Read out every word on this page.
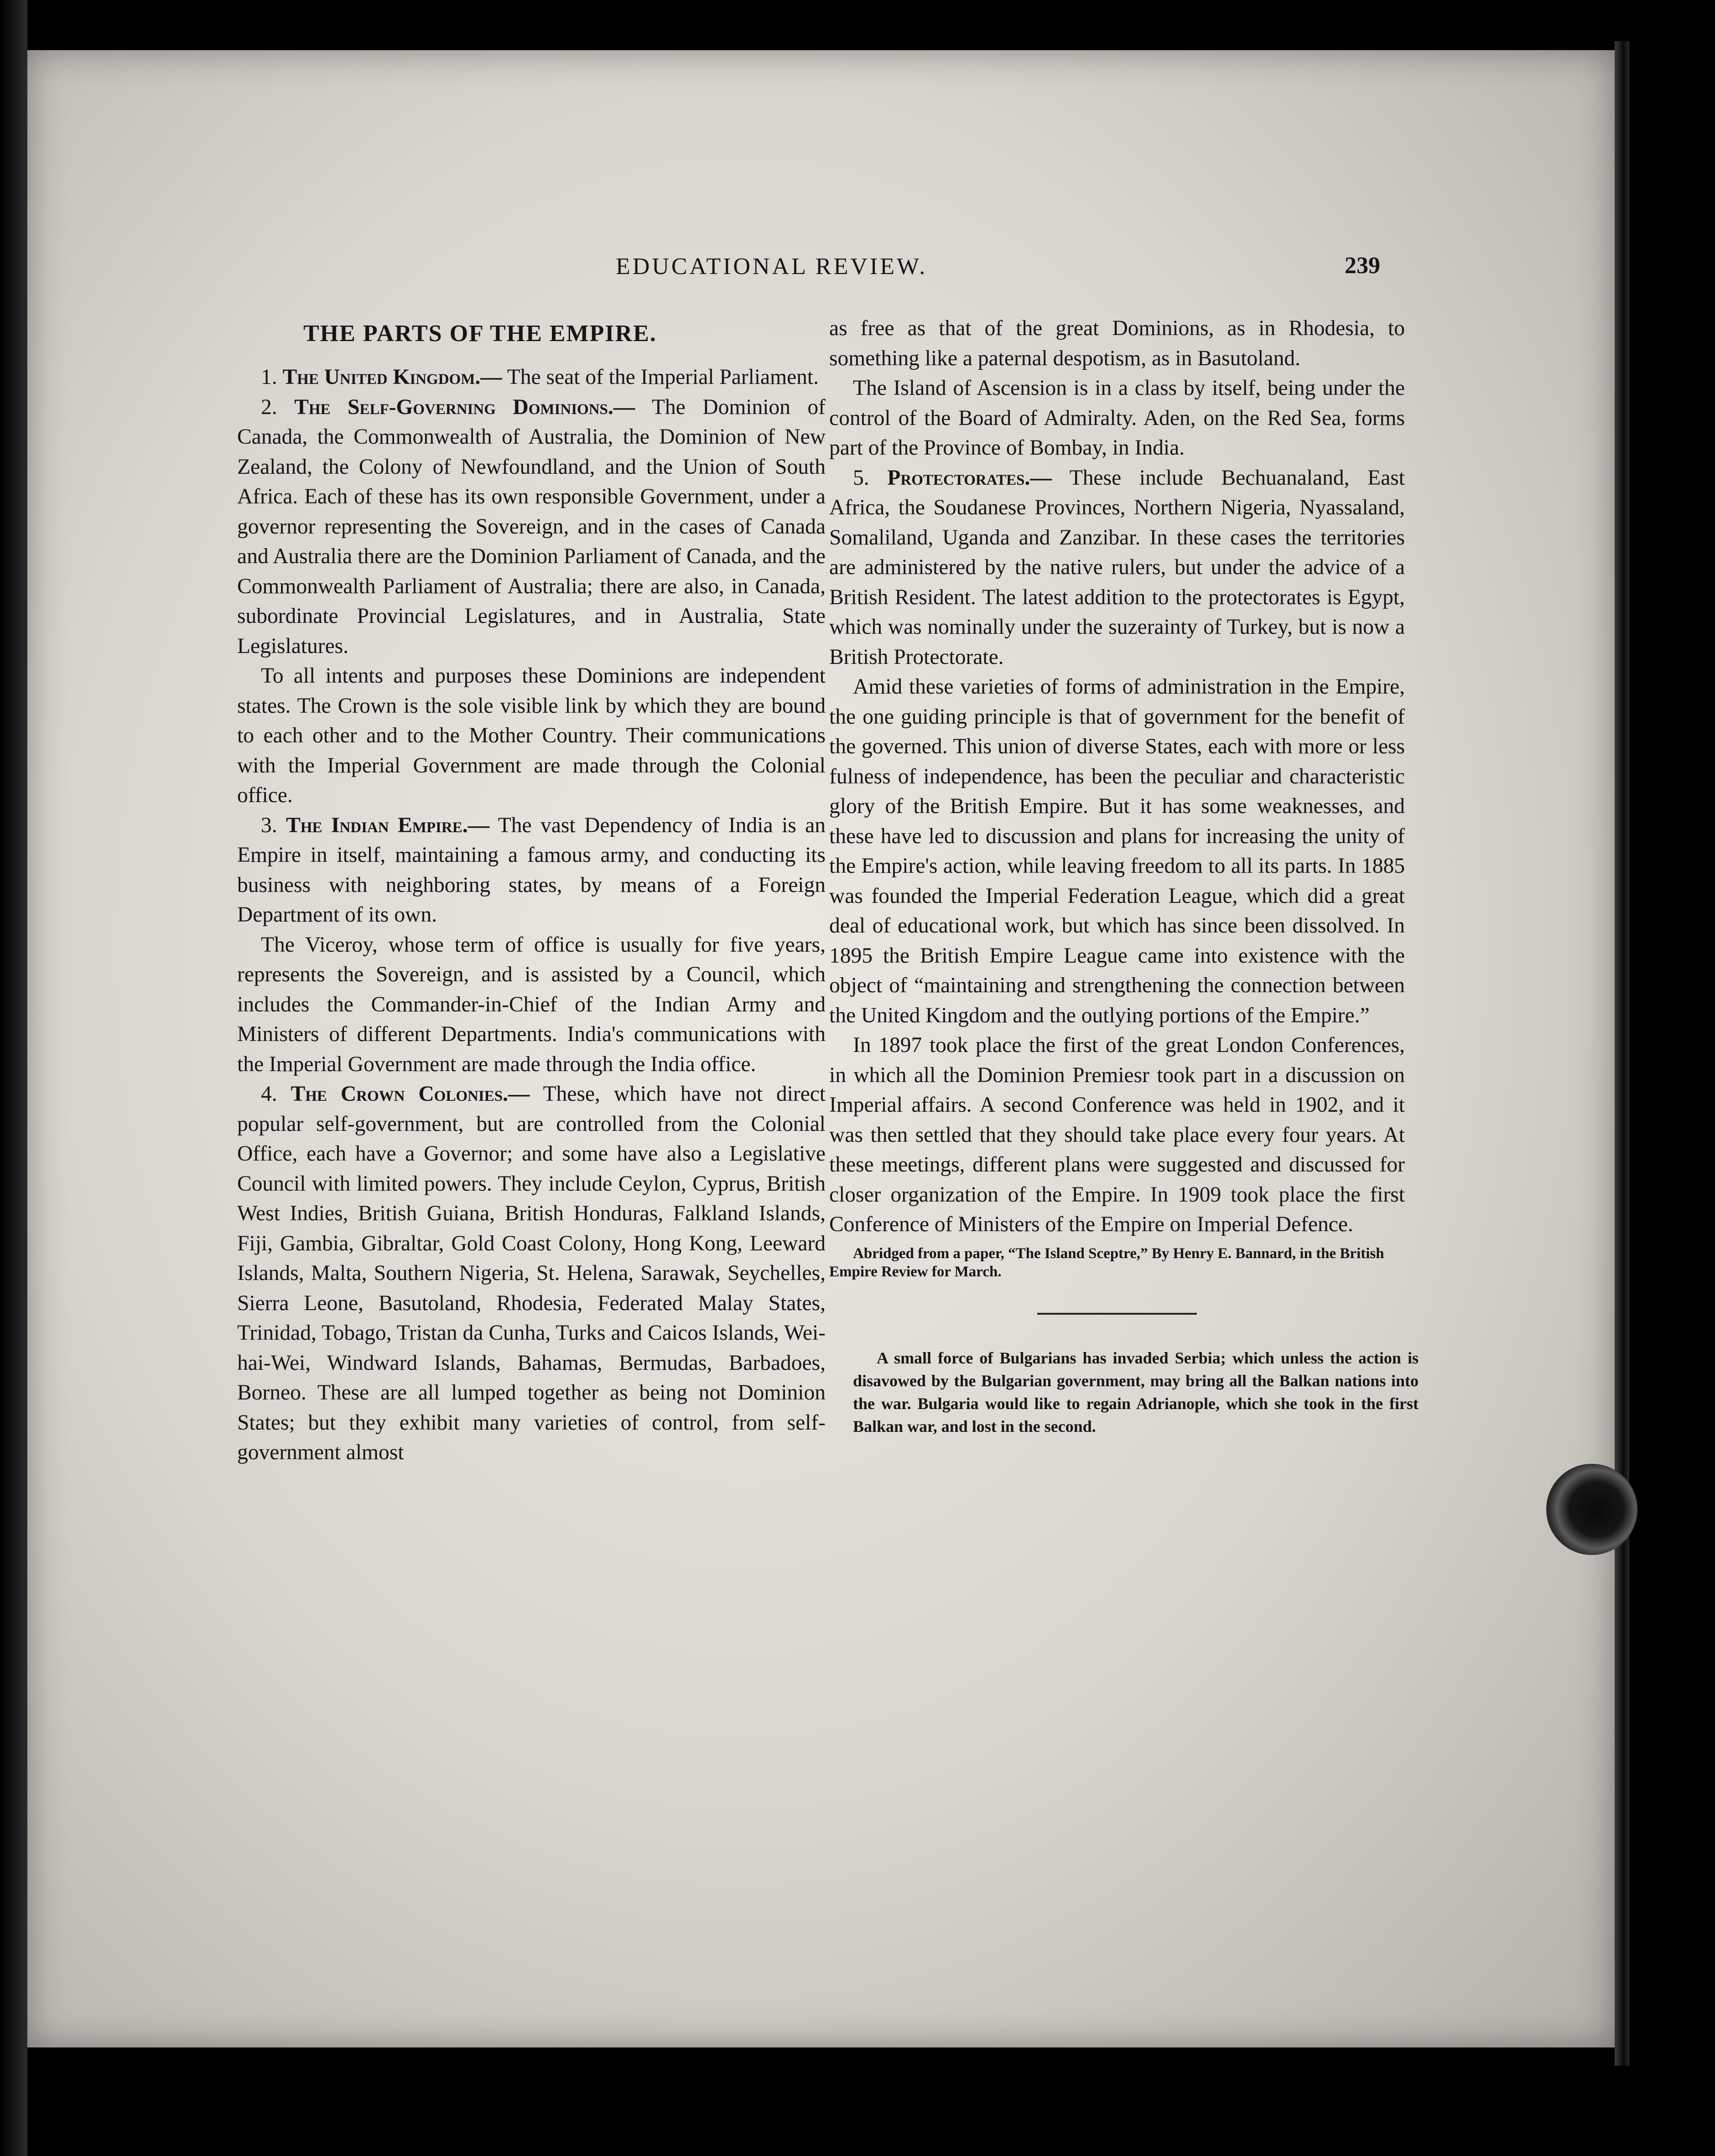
EDUCATIONAL REVIEW.	239
THE PARTS OF THE EMPIRE.

1. The United Kingdom.— The seat of the Imperial Parliament.

2. The Self-Governing Dominions.— The Dominion of Canada, the Commonwealth of Australia, the Dominion of New Zealand, the Colony of Newfoundland, and the Union of South Africa. Each of these has its own responsible Government, under a governor representing the Sovereign, and in the cases of Canada and Australia there are the Dominion Parliament of Canada, and the Commonwealth Parliament of Australia; there are also, in Canada, subordinate Provincial Legislatures, and in Australia, State Legislatures.

To all intents and purposes these Dominions are independent states. The Crown is the sole visible link by which they are bound to each other and to the Mother Country. Their communications with the Imperial Government are made through the Colonial office.

3. The Indian Empire.— The vast Dependency of India is an Empire in itself, maintaining a famous army, and conducting its business with neighboring states, by means of a Foreign Department of its own.

The Viceroy, whose term of office is usually for five years, represents the Sovereign, and is assisted by a Council, which includes the Commander-in-Chief of the Indian Army and Ministers of different Departments. India's communications with the Imperial Government are made through the India office.

4. The Crown Colonies.— These, which have not direct popular self-government, but are controlled from the Colonial Office, each have a Governor; and some have also a Legislative Council with limited powers. They include Ceylon, Cyprus, British West Indies, British Guiana, British Honduras, Falkland Islands, Fiji, Gambia, Gibraltar, Gold Coast Colony, Hong Kong, Leeward Islands, Malta, Southern Nigeria, St. Helena, Sarawak, Seychelles, Sierra Leone, Basutoland, Rhodesia, Federated Malay States, Trinidad, Tobago, Tristan da Cunha, Turks and Caicos Islands, Wei-hai-Wei, Windward Islands, Bahamas, Bermudas, Barbadoes, Borneo. These are all lumped together as being not Dominion States; but they exhibit many varieties of control, from self-government almost

as free as that of the great Dominions, as in Rhodesia, to something like a paternal despotism, as in Basutoland.

The Island of Ascension is in a class by itself, being under the control of the Board of Admiralty. Aden, on the Red Sea, forms part of the Province of Bombay, in India.

5. Protectorates.— These include Bechuanaland, East Africa, the Soudanese Provinces, Northern Nigeria, Nyassaland, Somaliland, Uganda and Zanzibar. In these cases the territories are administered by the native rulers, but under the advice of a British Resident. The latest addition to the protectorates is Egypt, which was nominally under the suzerainty of Turkey, but is now a British Protectorate.

Amid these varieties of forms of administration in the Empire, the one guiding principle is that of government for the benefit of the governed. This union of diverse States, each with more or less fulness of independence, has been the peculiar and characteristic glory of the British Empire. But it has some weaknesses, and these have led to discussion and plans for increasing the unity of the Empire's action, while leaving freedom to all its parts. In 1885 was founded the Imperial Federation League, which did a great deal of educational work, but which has since been dissolved. In 1895 the British Empire League came into existence with the object of “maintaining and strengthening the connection between the United Kingdom and the outlying portions of the Empire.”

In 1897 took place the first of the great London Conferences, in which all the Dominion Premiesr took part in a discussion on Imperial affairs. A second Conference was held in 1902, and it was then settled that they should take place every four years. At these meetings, different plans were suggested and discussed for closer organization of the Empire. In 1909 took place the first Conference of Ministers of the Empire on Imperial Defence.

Abridged from a paper, “The Island Sceptre,” By Henry E. Bannard, in the British Empire Review for March.
A small force of Bulgarians has invaded Serbia; which unless the action is disavowed by the Bulgarian government, may bring all the Balkan nations into the war. Bulgaria would like to regain Adrianople, which she took in the first Balkan war, and lost in the second.
